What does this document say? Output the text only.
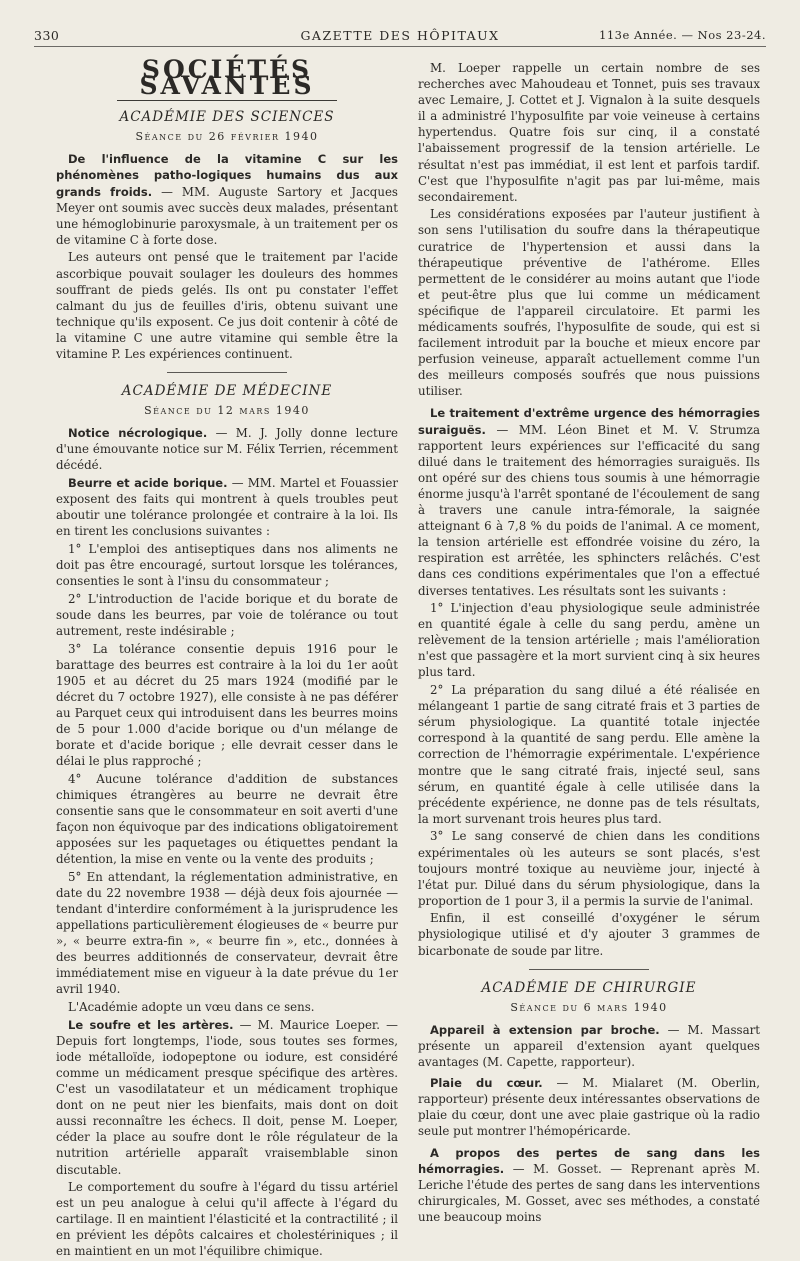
330	GAZETTE DES HÔPITAUX	113e Année. — Nos 23-24.
SOCIÉTÉS SAVANTES
ACADÉMIE DES SCIENCES
Séance du 26 février 1940

De l'influence de la vitamine C sur les phénomènes patho-logiques humains dus aux grands froids. — MM. Auguste Sartory et Jacques Meyer ont soumis avec succès deux malades, présentant une hémoglobinurie paroxysmale, à un traitement per os de vitamine C à forte dose.

Les auteurs ont pensé que le traitement par l'acide ascorbique pouvait soulager les douleurs des hommes souffrant de pieds gelés. Ils ont pu constater l'effet calmant du jus de feuilles d'iris, obtenu suivant une technique qu'ils exposent. Ce jus doit contenir à côté de la vitamine C une autre vitamine qui semble être la vitamine P. Les expériences continuent.

ACADÉMIE DE MÉDECINE
Séance du 12 mars 1940

Notice nécrologique. — M. J. Jolly donne lecture d'une émouvante notice sur M. Félix Terrien, récemment décédé.

Beurre et acide borique. — MM. Martel et Fouassier exposent des faits qui montrent à quels troubles peut aboutir une tolérance prolongée et contraire à la loi. Ils en tirent les conclusions suivantes :

1° L'emploi des antiseptiques dans nos aliments ne doit pas être encouragé, surtout lorsque les tolérances, consenties le sont à l'insu du consommateur ;

2° L'introduction de l'acide borique et du borate de soude dans les beurres, par voie de tolérance ou tout autrement, reste indésirable ;

3° La tolérance consentie depuis 1916 pour le barattage des beurres est contraire à la loi du 1er août 1905 et au décret du 25 mars 1924 (modifié par le décret du 7 octobre 1927), elle consiste à ne pas déférer au Parquet ceux qui introduisent dans les beurres moins de 5 pour 1.000 d'acide borique ou d'un mélange de borate et d'acide borique ; elle devrait cesser dans le délai le plus rapproché ;

4° Aucune tolérance d'addition de substances chimiques étrangères au beurre ne devrait être consentie sans que le consommateur en soit averti d'une façon non équivoque par des indications obligatoirement apposées sur les paquetages ou étiquettes pendant la détention, la mise en vente ou la vente des produits ;

5° En attendant, la réglementation administrative, en date du 22 novembre 1938 — déjà deux fois ajournée — tendant d'interdire conformément à la jurisprudence les appellations particulièrement élogieuses de « beurre pur », « beurre extra-fin », « beurre fin », etc., données à des beurres additionnés de conservateur, devrait être immédiatement mise en vigueur à la date prévue du 1er avril 1940.

L'Académie adopte un vœu dans ce sens.

Le soufre et les artères. — M. Maurice Loeper. — Depuis fort longtemps, l'iode, sous toutes ses formes, iode métalloïde, iodopeptone ou iodure, est considéré comme un médicament presque spécifique des artères. C'est un vasodilatateur et un médicament trophique dont on ne peut nier les bienfaits, mais dont on doit aussi reconnaître les échecs. Il doit, pense M. Loeper, céder la place au soufre dont le rôle régulateur de la nutrition artérielle apparaît vraisemblable sinon discutable.

Le comportement du soufre à l'égard du tissu artériel est un peu analogue à celui qu'il affecte à l'égard du cartilage. Il en maintient l'élasticité et la contractilité ; il en prévient les dépôts calcaires et cholestériniques ; il en maintient en un mot l'équilibre chimique.

M. Loeper rappelle un certain nombre de ses recherches avec Mahoudeau et Tonnet, puis ses travaux avec Lemaire, J. Cottet et J. Vignalon à la suite desquels il a administré l'hyposulfite par voie veineuse à certains hypertendus. Quatre fois sur cinq, il a constaté l'abaissement progressif de la tension artérielle. Le résultat n'est pas immédiat, il est lent et parfois tardif. C'est que l'hyposulfite n'agit pas par lui-même, mais secondairement.

Les considérations exposées par l'auteur justifient à son sens l'utilisation du soufre dans la thérapeutique curatrice de l'hypertension et aussi dans la thérapeutique préventive de l'athérome. Elles permettent de le considérer au moins autant que l'iode et peut-être plus que lui comme un médicament spécifique de l'appareil circulatoire. Et parmi les médicaments soufrés, l'hyposulfite de soude, qui est si facilement introduit par la bouche et mieux encore par perfusion veineuse, apparaît actuellement comme l'un des meilleurs composés soufrés que nous puissions utiliser.

Le traitement d'extrême urgence des hémorragies suraiguës. — MM. Léon Binet et M. V. Strumza rapportent leurs expériences sur l'efficacité du sang dilué dans le traitement des hémorragies suraiguës. Ils ont opéré sur des chiens tous soumis à une hémorragie énorme jusqu'à l'arrêt spontané de l'écoulement de sang à travers une canule intra-fémorale, la saignée atteignant 6 à 7,8 % du poids de l'animal. A ce moment, la tension artérielle est effondrée voisine du zéro, la respiration est arrêtée, les sphincters relâchés. C'est dans ces conditions expérimentales que l'on a effectué diverses tentatives. Les résultats sont les suivants :

1° L'injection d'eau physiologique seule administrée en quantité égale à celle du sang perdu, amène un relèvement de la tension artérielle ; mais l'amélioration n'est que passagère et la mort survient cinq à six heures plus tard.

2° La préparation du sang dilué a été réalisée en mélangeant 1 partie de sang citraté frais et 3 parties de sérum physiologique. La quantité totale injectée correspond à la quantité de sang perdu. Elle amène la correction de l'hémorragie expérimentale. L'expérience montre que le sang citraté frais, injecté seul, sans sérum, en quantité égale à celle utilisée dans la précédente expérience, ne donne pas de tels résultats, la mort survenant trois heures plus tard.

3° Le sang conservé de chien dans les conditions expérimentales où les auteurs se sont placés, s'est toujours montré toxique au neuvième jour, injecté à l'état pur. Dilué dans du sérum physiologique, dans la proportion de 1 pour 3, il a permis la survie de l'animal.

Enfin, il est conseillé d'oxygéner le sérum physiologique utilisé et d'y ajouter 3 grammes de bicarbonate de soude par litre.

ACADÉMIE DE CHIRURGIE
Séance du 6 mars 1940

Appareil à extension par broche. — M. Massart présente un appareil d'extension ayant quelques avantages (M. Capette, rapporteur).

Plaie du cœur. — M. Mialaret (M. Oberlin, rapporteur) présente deux intéressantes observations de plaie du cœur, dont une avec plaie gastrique où la radio seule put montrer l'hémopéricarde.

A propos des pertes de sang dans les hémorragies. — M. Gosset. — Reprenant après M. Leriche l'étude des pertes de sang dans les interventions chirurgicales, M. Gosset, avec ses méthodes, a constaté une beaucoup moins
